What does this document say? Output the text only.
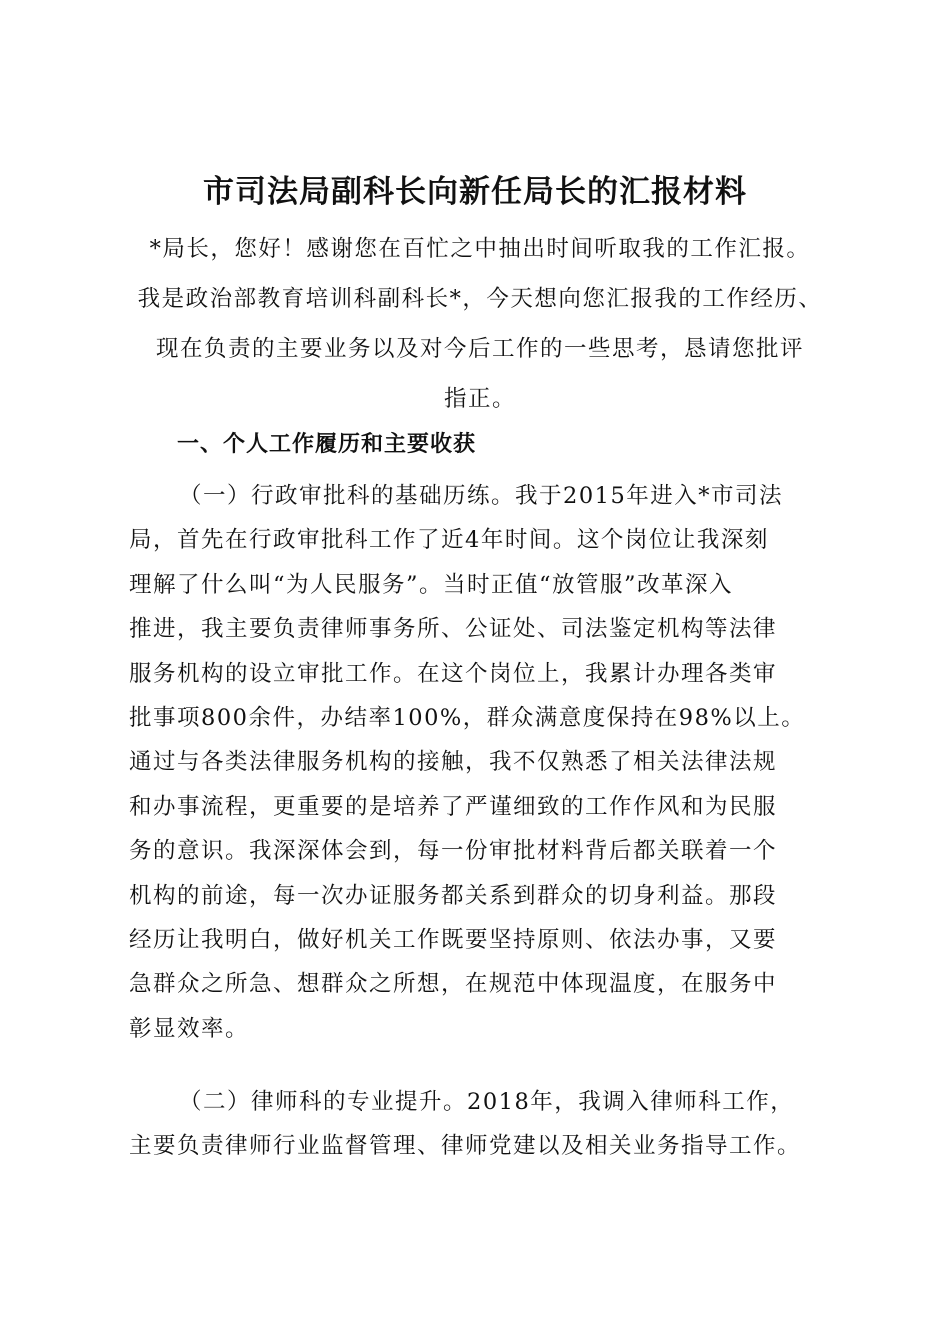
市司法局副科长向新任局长的汇报材料
*局长，您好！感谢您在百忙之中抽出时间听取我的工作汇报。
我是政治部教育培训科副科长*，今天想向您汇报我的工作经历、
现在负责的主要业务以及对今后工作的一些思考，恳请您批评
指正。
一、个人工作履历和主要收获
（一）行政审批科的基础历练。我于2015年进入*市司法
局，首先在行政审批科工作了近4年时间。这个岗位让我深刻
理解了什么叫“为人民服务”。当时正值“放管服”改革深入
推进，我主要负责律师事务所、公证处、司法鉴定机构等法律
服务机构的设立审批工作。在这个岗位上，我累计办理各类审
批事项800余件，办结率100%，群众满意度保持在98%以上。
通过与各类法律服务机构的接触，我不仅熟悉了相关法律法规
和办事流程，更重要的是培养了严谨细致的工作作风和为民服
务的意识。我深深体会到，每一份审批材料背后都关联着一个
机构的前途，每一次办证服务都关系到群众的切身利益。那段
经历让我明白，做好机关工作既要坚持原则、依法办事，又要
急群众之所急、想群众之所想，在规范中体现温度，在服务中
彰显效率。
（二）律师科的专业提升。2018年，我调入律师科工作，
主要负责律师行业监督管理、律师党建以及相关业务指导工作。
